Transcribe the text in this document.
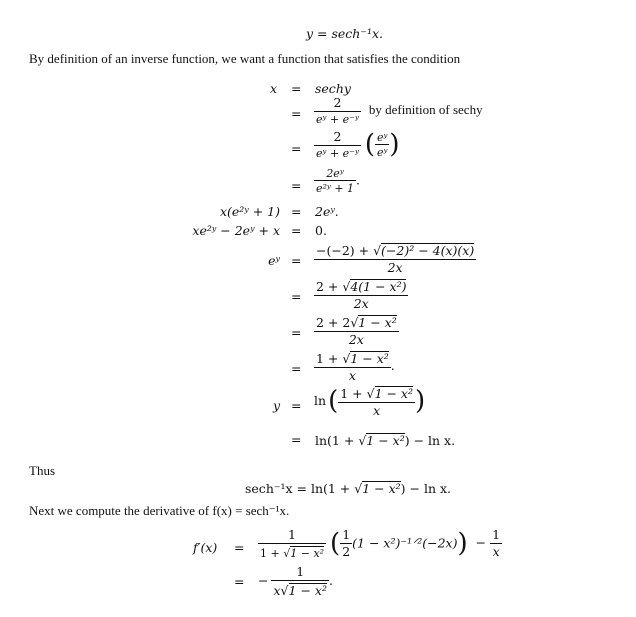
y = sech⁻¹x.
By definition of an inverse function, we want a function that satisfies the condition
x = sechy
= $\frac{2}{\text{eʸ + e⁻ʸ}}$ by definition of sechy
= $\frac{2}{\text{eʸ + e⁻ʸ}}$ ( $\frac{\text{eʸ}}{\text{eʸ}}$ )
= $\frac{\text{2eʸ}}{\text{e²ʸ + 1}}$ .
x(e²ʸ + 1) = 2eʸ.
xe²ʸ − 2eʸ + x = 0.
eʸ = $\frac{\text{−(−2) + √(−2)² − 4(x)(x)}}{2x}$
= $\frac{\text{2 + √4(1 − x²)}}{2x}$
= $\frac{\text{2 + 2√1 − x²}}{2x}$
= $\frac{\text{1 + √1 − x²}}{x}$ .
$y = \ln( \frac{\text{1 + √1 − x²}}{x}$ )
= ln(1 + √1 − x²) − ln x.
Thus
sech⁻¹x = ln(1 + √1 − x²) − ln x.
Next we compute the derivative of f(x) = sech⁻¹x.
$f'(x) = \frac{1}{\text{1 + √1 − x²}}$ ( $\frac{1}{2} (1$ − x²)⁻¹ᐟ²(−2x)) − $\frac{1}{x}$
= − $\frac{1}{\text{x√1 − x²}}$ .
